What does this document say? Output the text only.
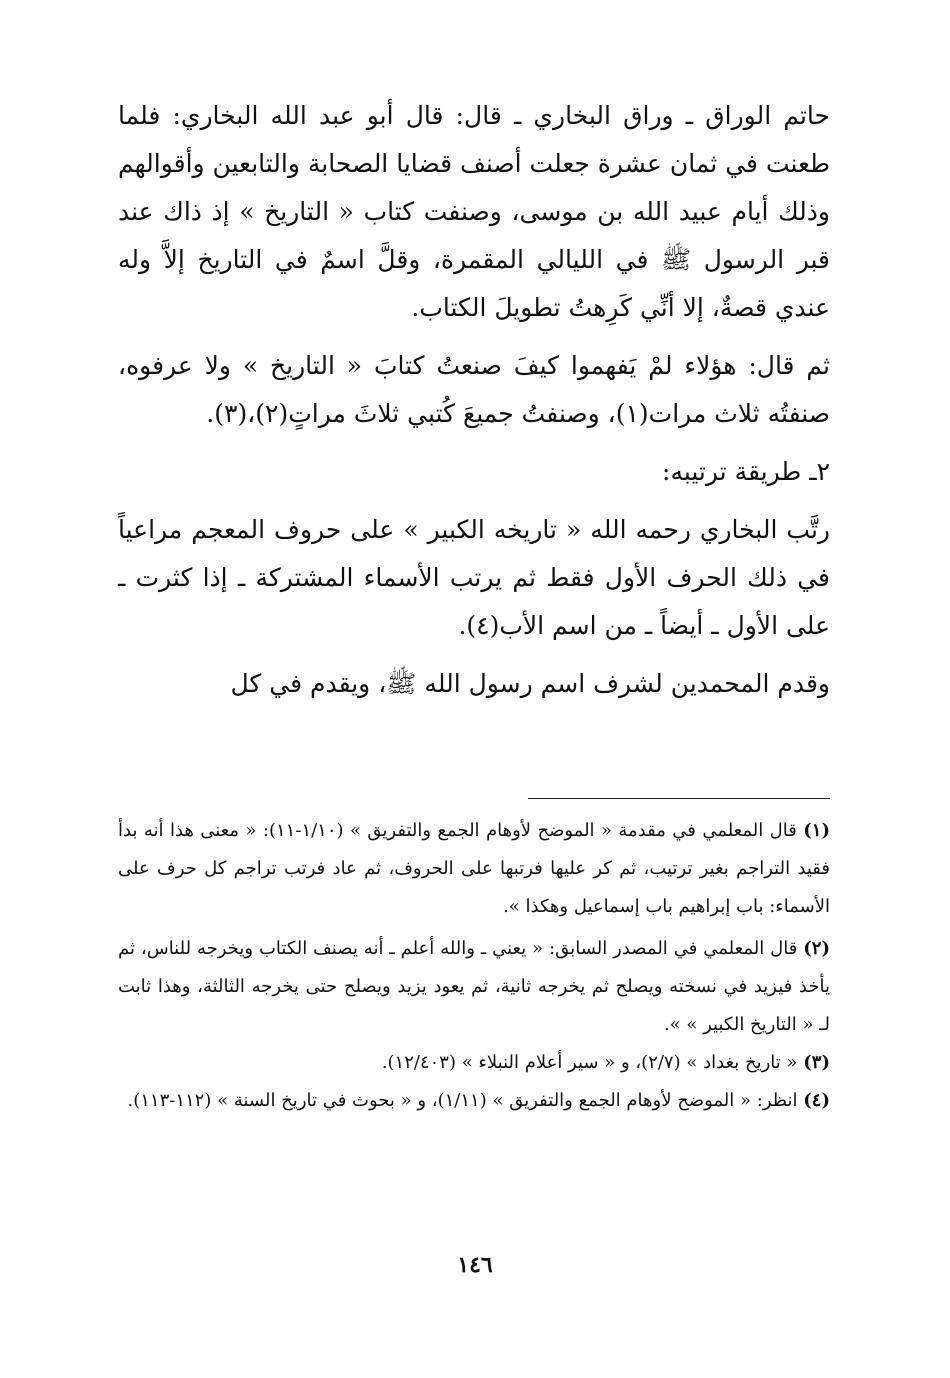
حاتم الوراق ـ وراق البخاري ـ قال: قال أبو عبد الله البخاري: فلما طعنت في ثمان عشرة جعلت أصنف قضايا الصحابة والتابعين وأقوالهم وذلك أيام عبيد الله بن موسى، وصنفت كتاب « التاريخ » إذ ذاك عند قبر الرسول ﷺ في الليالي المقمرة، وقلَّ اسمٌ في التاريخ إلاَّ وله عندي قصةٌ، إلا أنِّي كَرِهتُ تطويلَ الكتاب.

ثم قال: هؤلاء لمْ يَفهموا كيفَ صنعتُ كتابَ « التاريخ » ولا عرفوه، صنفتُه ثلاث مرات(١)، وصنفتُ جميعَ كُتبي ثلاثَ مراتٍ(٢)،(٣).

٢ـ طريقة ترتيبه:

رتَّب البخاري رحمه الله « تاريخه الكبير » على حروف المعجم مراعياً في ذلك الحرف الأول فقط ثم يرتب الأسماء المشتركة ـ إذا كثرت ـ على الأول ـ أيضاً ـ من اسم الأب(٤).

وقدم المحمدين لشرف اسم رسول الله ﷺ، ويقدم في كل

(١) قال المعلمي في مقدمة « الموضح لأوهام الجمع والتفريق » (١/١٠-١١): « معنى هذا أنه بدأ فقيد التراجم بغير ترتيب، ثم كر عليها فرتبها على الحروف، ثم عاد فرتب تراجم كل حرف على الأسماء: باب إبراهيم باب إسماعيل وهكذا ».

(٢) قال المعلمي في المصدر السابق: « يعني ـ والله أعلم ـ أنه يصنف الكتاب ويخرجه للناس، ثم يأخذ فيزيد في نسخته ويصلح ثم يخرجه ثانية، ثم يعود يزيد ويصلح حتى يخرجه الثالثة، وهذا ثابت لـ « التاريخ الكبير » ».

(٣) « تاريخ بغداد » (٢/٧)، و « سير أعلام النبلاء » (١٢/٤٠٣).

(٤) انظر: « الموضح لأوهام الجمع والتفريق » (١/١١)، و « بحوث في تاريخ السنة » (١١٢-١١٣).

١٤٦
